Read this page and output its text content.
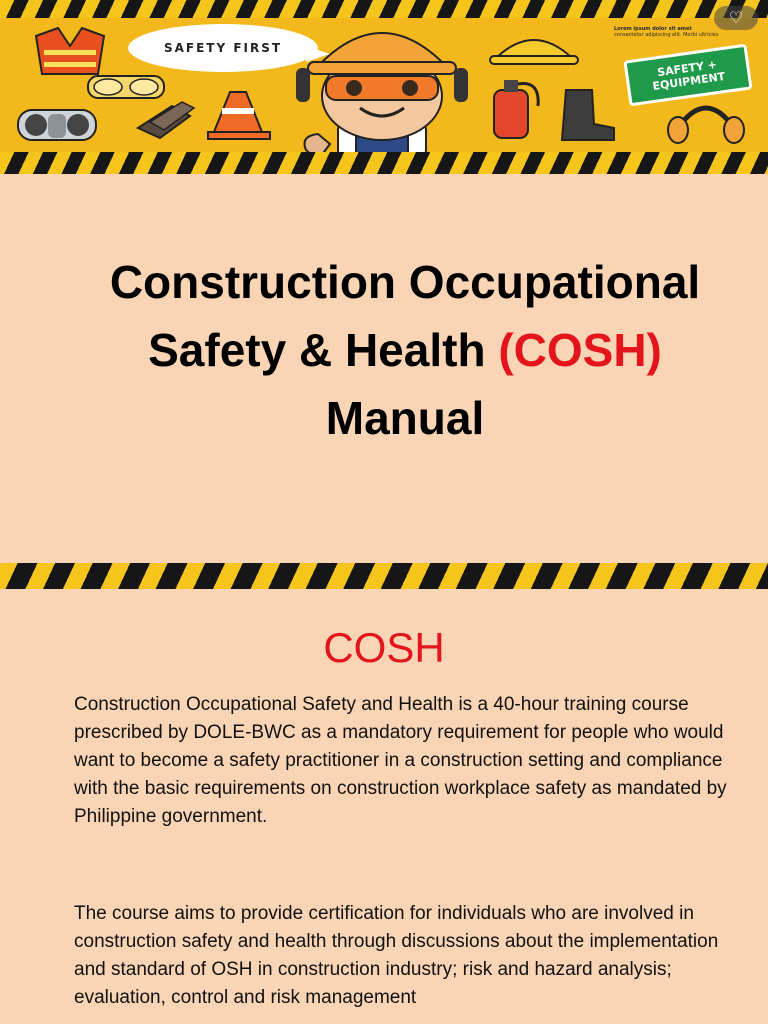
SAFETY FIRST
Lorem ipsum dolor sit amet
consectetur adipiscing elit. Morbi ultricies
SAFETY + EQUIPMENT
♡
Construction Occupational
Safety & Health (COSH)
Manual
COSH

Construction Occupational Safety and Health is a 40-hour training course prescribed by DOLE-BWC as a mandatory requirement for people who would want to become a safety practitioner in a construction setting and compliance with the basic requirements on construction workplace safety as mandated by Philippine government.

The course aims to provide certification for individuals who are involved in construction safety and health through discussions about the implementation and standard of OSH in construction industry; risk and hazard analysis; evaluation, control and risk management
